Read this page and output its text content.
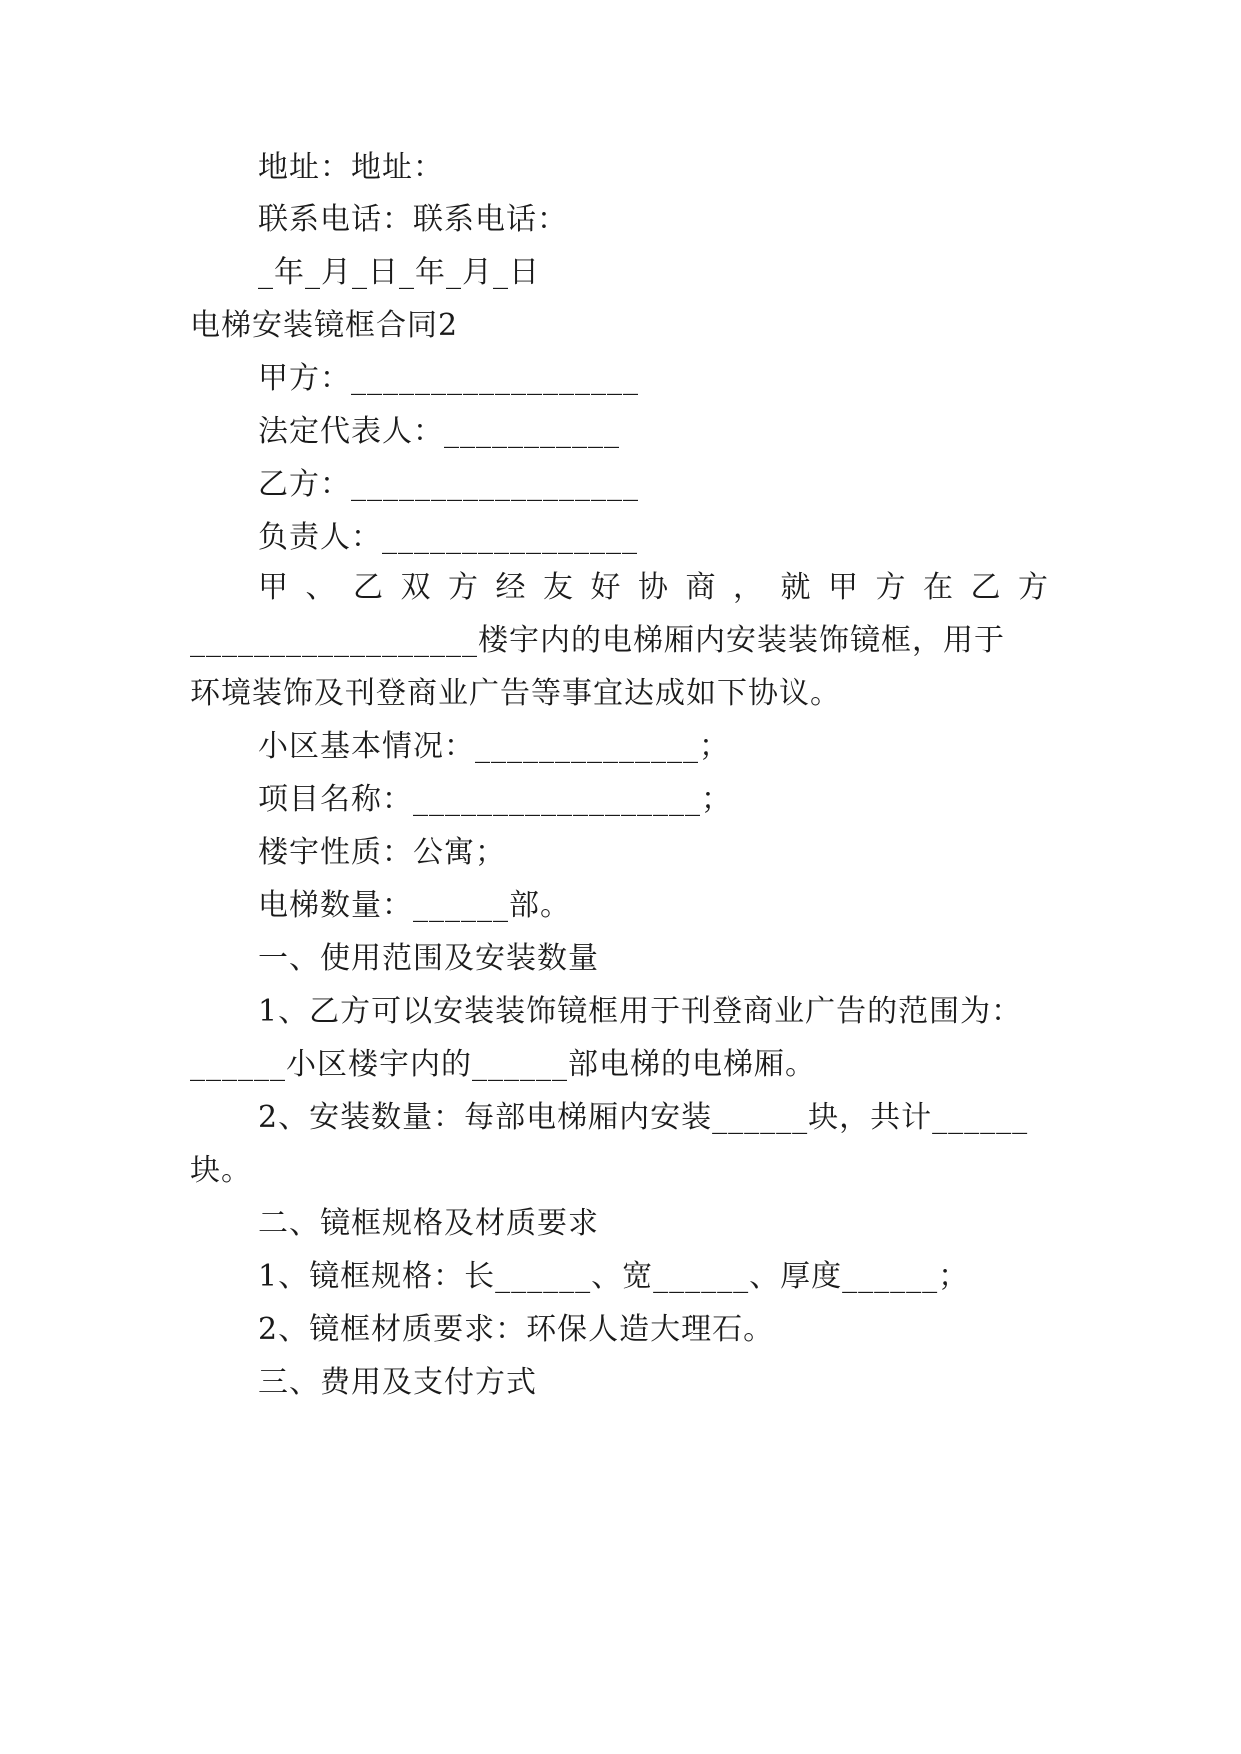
地址：地址：
联系电话：联系电话：
_年_月_日_年_月_日
电梯安装镜框合同2
甲方：__________________
法定代表人：___________
乙方：__________________
负责人：________________
甲 、 乙 双 方 经 友 好 协 商 ， 就 甲 方 在 乙 方
__________________楼宇内的电梯厢内安装装饰镜框，用于
环境装饰及刊登商业广告等事宜达成如下协议。
小区基本情况：______________；
项目名称：__________________；
楼宇性质：公寓；
电梯数量：______部。
一、使用范围及安装数量
1、乙方可以安装装饰镜框用于刊登商业广告的范围为：
______小区楼宇内的______部电梯的电梯厢。
2、安装数量：每部电梯厢内安装______块，共计______
块。
二、镜框规格及材质要求
1、镜框规格：长______、宽______、厚度______；
2、镜框材质要求：环保人造大理石。
三、费用及支付方式
